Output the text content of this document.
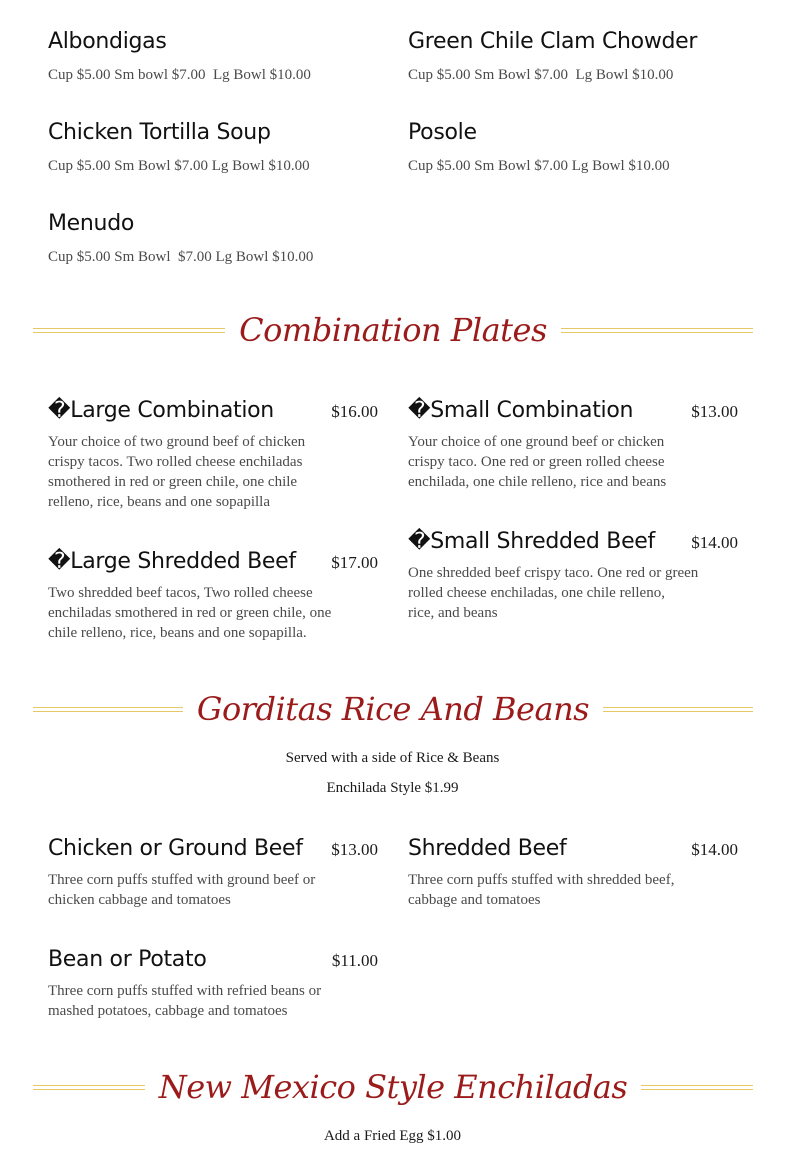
Albondigas
Cup $5.00 Sm bowl $7.00  Lg Bowl $10.00
Green Chile Clam Chowder
Cup $5.00 Sm Bowl $7.00  Lg Bowl $10.00
Chicken Tortilla Soup
Cup $5.00 Sm Bowl $7.00 Lg Bowl $10.00
Posole
Cup $5.00 Sm Bowl $7.00 Lg Bowl $10.00
Menudo
Cup $5.00 Sm Bowl  $7.00 Lg Bowl $10.00
Combination Plates
�Large Combination	$16.00
Your choice of two ground beef of chicken
crispy tacos. Two rolled cheese enchiladas
smothered in red or green chile, one chile
relleno, rice, beans and one sopapilla
�Small Combination	$13.00
Your choice of one ground beef or chicken
crispy taco. One red or green rolled cheese
enchilada, one chile relleno, rice and beans
�Large Shredded Beef $17.00
Two shredded beef tacos, Two rolled cheese
enchiladas smothered in red or green chile, one
chile relleno, rice, beans and one sopapilla.
�Small Shredded Beef $14.00
One shredded beef crispy taco. One red or green
rolled cheese enchiladas, one chile relleno,
rice, and beans
Gorditas Rice And Beans
Served with a side of Rice & Beans
Enchilada Style $1.99
Chicken or Ground Beef $13.00
Three corn puffs stuffed with ground beef or
chicken cabbage and tomatoes
Shredded Beef	$14.00
Three corn puffs stuffed with shredded beef,
cabbage and tomatoes
Bean or Potato	$11.00
Three corn puffs stuffed with refried beans or
mashed potatoes, cabbage and tomatoes
New Mexico Style Enchiladas
Add a Fried Egg $1.00
